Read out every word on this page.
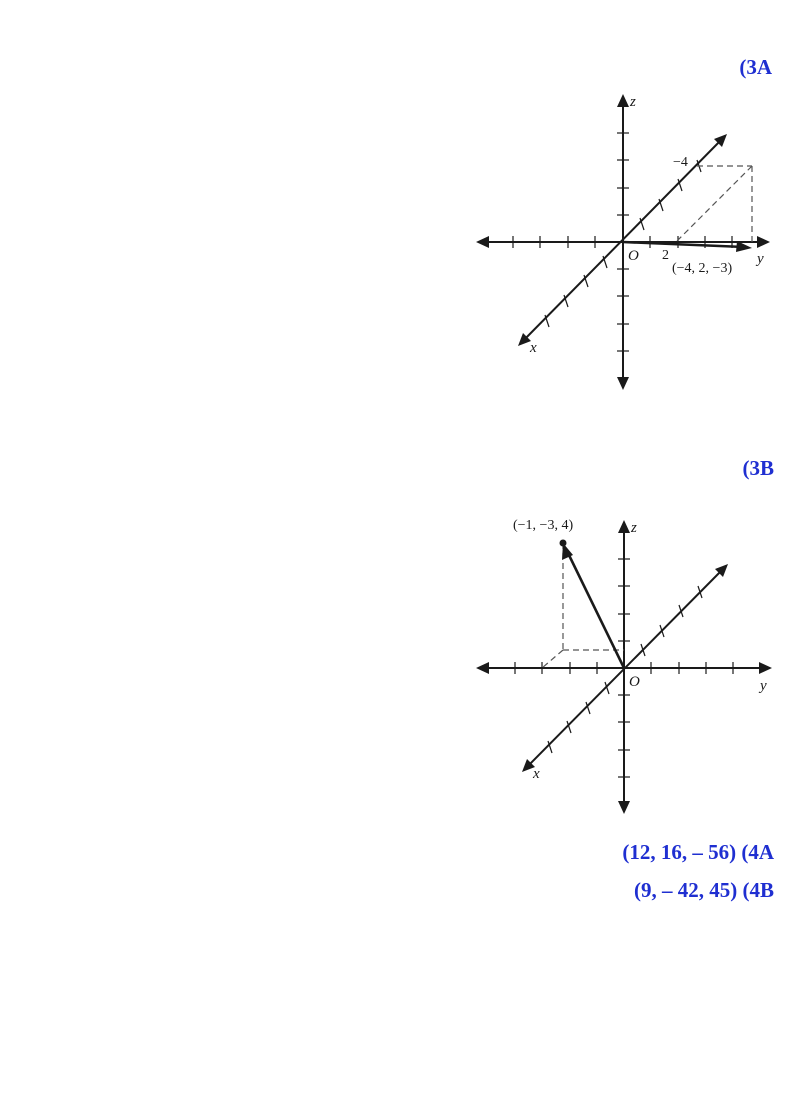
(3A
z
y
x
O
−4
2
(−4, 2, −3)
(3B
(−1, −3, 4)	z
y
x
O
(12, 16, – 56) (4A
(9, – 42, 45) (4B
